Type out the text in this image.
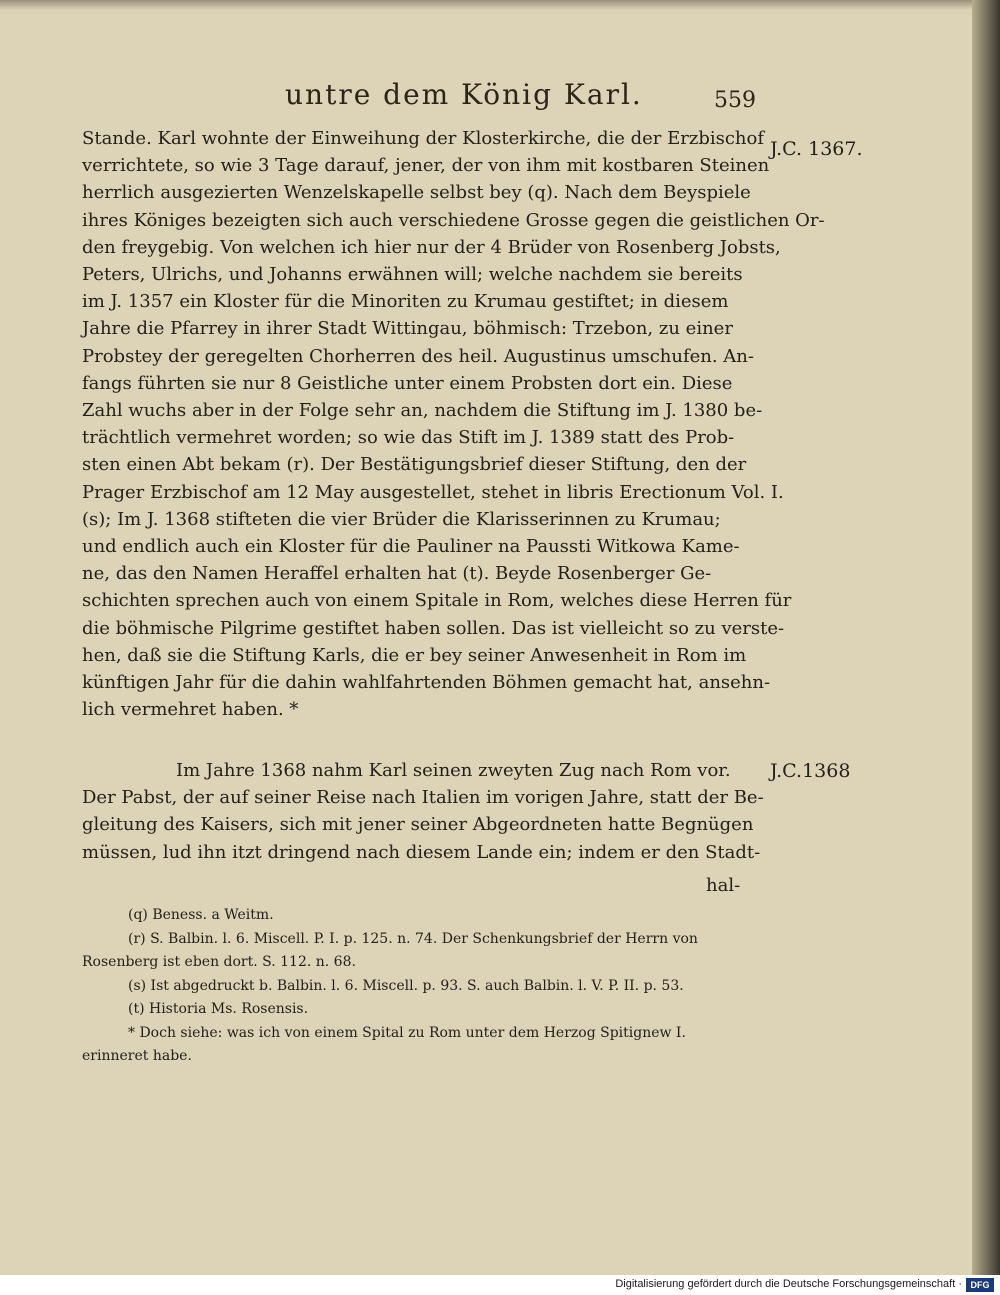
untre dem König Karl.	559
J.C. 1367.
J.C.1368
Stande. Karl wohnte der Einweihung der Klosterkirche, die der Erzbischof
verrichtete, so wie 3 Tage darauf, jener, der von ihm mit kostbaren Steinen
herrlich ausgezierten Wenzelskapelle selbst bey (q). Nach dem Beyspiele
ihres Königes bezeigten sich auch verschiedene Grosse gegen die geistlichen Or-
den freygebig. Von welchen ich hier nur der 4 Brüder von Rosenberg Jobsts,
Peters, Ulrichs, und Johanns erwähnen will; welche nachdem sie bereits
im J. 1357 ein Kloster für die Minoriten zu Krumau gestiftet; in diesem
Jahre die Pfarrey in ihrer Stadt Wittingau, böhmisch: Trzebon, zu einer
Probstey der geregelten Chorherren des heil. Augustinus umschufen. An-
fangs führten sie nur 8 Geistliche unter einem Probsten dort ein. Diese
Zahl wuchs aber in der Folge sehr an, nachdem die Stiftung im J. 1380 be-
trächtlich vermehret worden; so wie das Stift im J. 1389 statt des Prob-
sten einen Abt bekam (r). Der Bestätigungsbrief dieser Stiftung, den der
Prager Erzbischof am 12 May ausgestellet, stehet in libris Erectionum Vol. I.
(s); Im J. 1368 stifteten die vier Brüder die Klarisserinnen zu Krumau;
und endlich auch ein Kloster für die Pauliner na Paussti Witkowa Kame-
ne, das den Namen Heraffel erhalten hat (t). Beyde Rosenberger Ge-
schichten sprechen auch von einem Spitale in Rom, welches diese Herren für
die böhmische Pilgrime gestiftet haben sollen. Das ist vielleicht so zu verste-
hen, daß sie die Stiftung Karls, die er bey seiner Anwesenheit in Rom im
künftigen Jahr für die dahin wahlfahrtenden Böhmen gemacht hat, ansehn-
lich vermehret haben. *
Im Jahre 1368 nahm Karl seinen zweyten Zug nach Rom vor.
Der Pabst, der auf seiner Reise nach Italien im vorigen Jahre, statt der Be-
gleitung des Kaisers, sich mit jener seiner Abgeordneten hatte Begnügen
müssen, lud ihn itzt dringend nach diesem Lande ein; indem er den Stadt-
hal-
(q) Beness. a Weitm.
(r) S. Balbin. l. 6. Miscell. P. I. p. 125. n. 74. Der Schenkungsbrief der Herrn von
Rosenberg ist eben dort. S. 112. n. 68.
(s) Ist abgedruckt b. Balbin. l. 6. Miscell. p. 93. S. auch Balbin. l. V. P. II. p. 53.
(t) Historia Ms. Rosensis.
* Doch siehe: was ich von einem Spital zu Rom unter dem Herzog Spitignew I.
erinneret habe.
Digitalisierung gefördert durch die Deutsche Forschungsgemeinschaft · DFG
